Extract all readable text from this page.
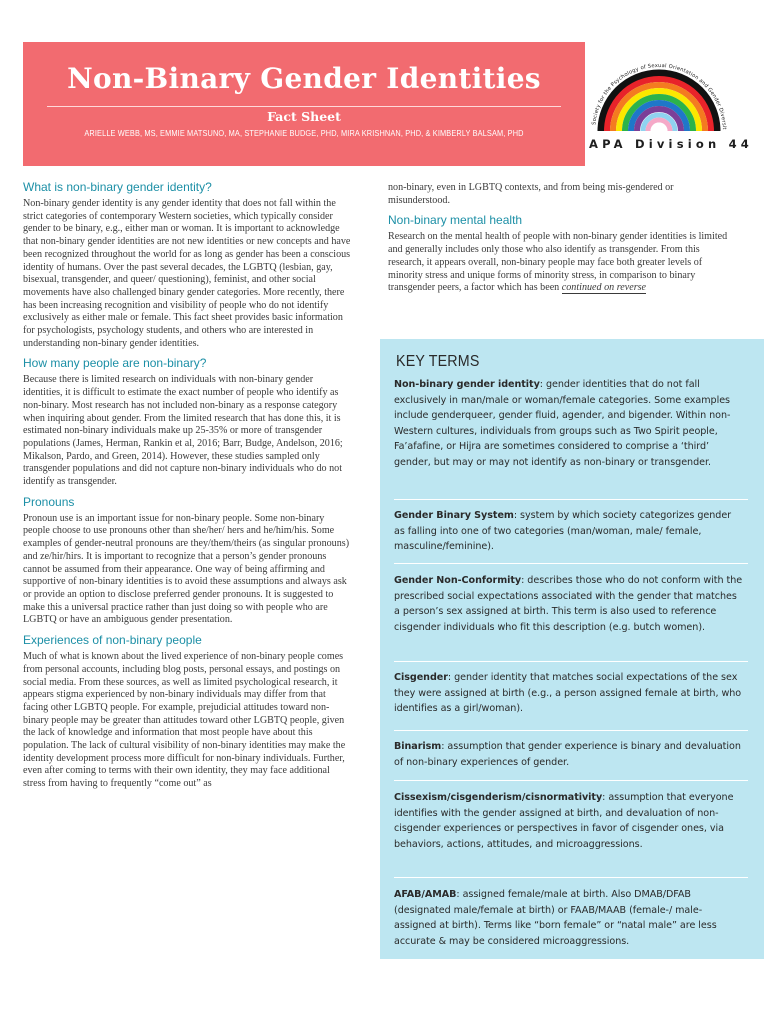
Non-Binary Gender Identities
Fact Sheet
ARIELLE WEBB, MS, EMMIE MATSUNO, MA, STEPHANIE BUDGE, PHD, MIRA KRISHNAN, PHD, & KIMBERLY BALSAM, PHD
Society for the Psychology of Sexual Orientation and Gender Diversit
APA Division 44
What is non-binary gender identity?

Non-binary gender identity is any gender identity that does not fall within the strict categories of contemporary Western societies, which typically consider gender to be binary, e.g., either man or woman. It is important to acknowledge that non-binary gender identities are not new identities or new concepts and have been recognized throughout the world for as long as gender has been a conscious identity of humans. Over the past several decades, the LGBTQ (lesbian, gay, bisexual, transgender, and queer/ questioning), feminist, and other social movements have also challenged binary gender categories. More recently, there has been increasing recognition and visibility of people who do not identify exclusively as either male or female. This fact sheet provides basic information for psychologists, psychology students, and others who are interested in understanding non-binary gender identities.

How many people are non-binary?

Because there is limited research on individuals with non-binary gender identities, it is difficult to estimate the exact number of people who identify as non-binary. Most research has not included non-binary as a response category when inquiring about gender. From the limited research that has done this, it is estimated non-binary individuals make up 25-35% or more of transgender populations (James, Herman, Rankin et al, 2016; Barr, Budge, Andelson, 2016; Mikalson, Pardo, and Green, 2014). However, these studies sampled only transgender populations and did not capture non-binary individuals who do not identify as transgender.

Pronouns

Pronoun use is an important issue for non-binary people. Some non-binary people choose to use pronouns other than she/her/ hers and he/him/his. Some examples of gender-neutral pronouns are they/them/theirs (as singular pronouns) and ze/hir/hirs. It is important to recognize that a person’s gender pronouns cannot be assumed from their appearance. One way of being affirming and supportive of non-binary identities is to avoid these assumptions and always ask or provide an option to disclose preferred gender pronouns. It is suggested to make this a universal practice rather than just doing so with people who are LGBTQ or have an ambiguous gender presentation.

Experiences of non-binary people

Much of what is known about the lived experience of non-binary people comes from personal accounts, including blog posts, personal essays, and postings on social media. From these sources, as well as limited psychological research, it appears stigma experienced by non-binary individuals may differ from that facing other LGBTQ people. For example, prejudicial attitudes toward non-binary people may be greater than attitudes toward other LGBTQ people, given the lack of knowledge and information that most people have about this population. The lack of cultural visibility of non-binary identities may make the identity development process more difficult for non-binary individuals. Further, even after coming to terms with their own identity, they may face additional stress from having to frequently “come out” as

non-binary, even in LGBTQ contexts, and from being mis-gendered or misunderstood.

Non-binary mental health

Research on the mental health of people with non-binary gender identities is limited and generally includes only those who also identify as transgender. From this research, it appears overall, non-binary people may face both greater levels of minority stress and unique forms of minority stress, in comparison to binary transgender peers, a factor which has been continued on reverse

KEY TERMS
Non-binary gender identity: gender identities that do not fall exclusively in man/male or woman/female categories. Some examples include genderqueer, gender fluid, agender, and bigender. Within non-Western cultures, individuals from groups such as Two Spirit people, Fa’afafine, or Hijra are sometimes considered to comprise a ‘third’ gender, but may or may not identify as non-binary or transgender.
Gender Binary System: system by which society categorizes gender as falling into one of two categories (man/woman, male/ female, masculine/feminine).
Gender Non-Conformity: describes those who do not conform with the prescribed social expectations associated with the gender that matches a person’s sex assigned at birth. This term is also used to reference cisgender individuals who fit this description (e.g. butch women).
Cisgender: gender identity that matches social expectations of the sex they were assigned at birth (e.g., a person assigned female at birth, who identifies as a girl/woman).
Binarism: assumption that gender experience is binary and devaluation of non-binary experiences of gender.
Cissexism/cisgenderism/cisnormativity: assumption that everyone identifies with the gender assigned at birth, and devaluation of non-cisgender experiences or perspectives in favor of cisgender ones, via behaviors, actions, attitudes, and microaggressions.
AFAB/AMAB: assigned female/male at birth. Also DMAB/DFAB (designated male/female at birth) or FAAB/MAAB (female-/ male- assigned at birth). Terms like “born female” or “natal male” are less accurate & may be considered microaggressions.
